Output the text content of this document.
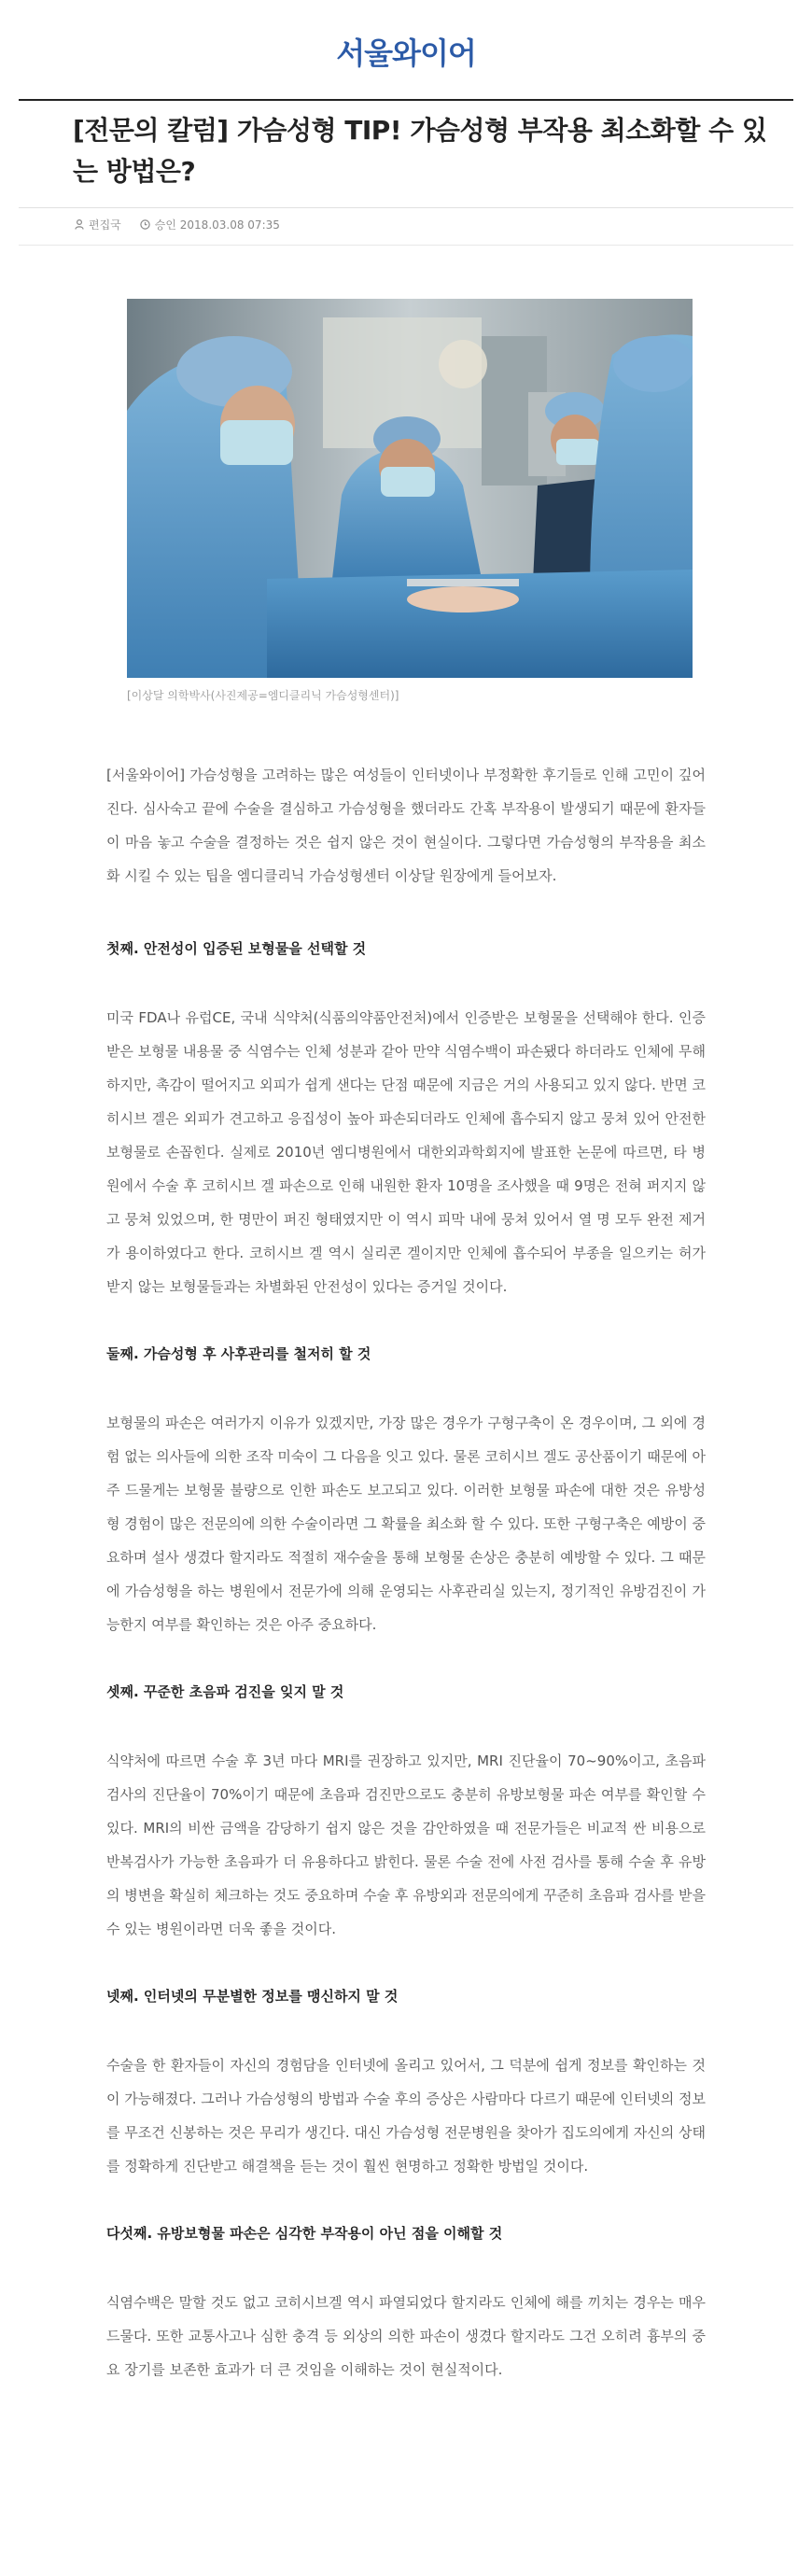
서울와이어
[전문의 칼럼] 가슴성형 TIP! 가슴성형 부작용 최소화할 수 있는 방법은?
편집국	승인 2018.03.08 07:35
[이상달 의학박사(사진제공=엠디클리닉 가슴성형센터)]

[서울와이어] 가슴성형을 고려하는 많은 여성들이 인터넷이나 부정확한 후기들로 인해 고민이 깊어진다. 심사숙고 끝에 수술을 결심하고 가슴성형을 했더라도 간혹 부작용이 발생되기 때문에 환자들이 마음 놓고 수술을 결정하는 것은 쉽지 않은 것이 현실이다. 그렇다면 가슴성형의 부작용을 최소화 시킬 수 있는 팁을 엠디클리닉 가슴성형센터 이상달 원장에게 들어보자.

첫째. 안전성이 입증된 보형물을 선택할 것

미국 FDA나 유럽CE, 국내 식약처(식품의약품안전처)에서 인증받은 보형물을 선택해야 한다. 인증받은 보형물 내용물 중 식염수는 인체 성분과 같아 만약 식염수백이 파손됐다 하더라도 인체에 무해하지만, 촉감이 떨어지고 외피가 쉽게 샌다는 단점 때문에 지금은 거의 사용되고 있지 않다. 반면 코히시브 겔은 외피가 견고하고 응집성이 높아 파손되더라도 인체에 흡수되지 않고 뭉쳐 있어 안전한 보형물로 손꼽힌다. 실제로 2010년 엠디병원에서 대한외과학회지에 발표한 논문에 따르면, 타 병원에서 수술 후 코히시브 겔 파손으로 인해 내원한 환자 10명을 조사했을 때 9명은 전혀 퍼지지 않고 뭉쳐 있었으며, 한 명만이 퍼진 형태였지만 이 역시 피막 내에 뭉쳐 있어서 열 명 모두 완전 제거가 용이하였다고 한다. 코히시브 겔 역시 실리콘 겔이지만 인체에 흡수되어 부종을 일으키는 허가 받지 않는 보형물들과는 차별화된 안전성이 있다는 증거일 것이다.

둘째. 가슴성형 후 사후관리를 철저히 할 것

보형물의 파손은 여러가지 이유가 있겠지만, 가장 많은 경우가 구형구축이 온 경우이며, 그 외에 경험 없는 의사들에 의한 조작 미숙이 그 다음을 잇고 있다. 물론 코히시브 겔도 공산품이기 때문에 아주 드물게는 보형물 불량으로 인한 파손도 보고되고 있다. 이러한 보형물 파손에 대한 것은 유방성형 경험이 많은 전문의에 의한 수술이라면 그 확률을 최소화 할 수 있다. 또한 구형구축은 예방이 중요하며 설사 생겼다 할지라도 적절히 재수술을 통해 보형물 손상은 충분히 예방할 수 있다. 그 때문에 가슴성형을 하는 병원에서 전문가에 의해 운영되는 사후관리실 있는지, 정기적인 유방검진이 가능한지 여부를 확인하는 것은 아주 중요하다.

셋째. 꾸준한 초음파 검진을 잊지 말 것

식약처에 따르면 수술 후 3년 마다 MRI를 권장하고 있지만, MRI 진단율이 70~90%이고, 초음파 검사의 진단율이 70%이기 때문에 초음파 검진만으로도 충분히 유방보형물 파손 여부를 확인할 수 있다. MRI의 비싼 금액을 감당하기 쉽지 않은 것을 감안하였을 때 전문가들은 비교적 싼 비용으로 반복검사가 가능한 초음파가 더 유용하다고 밝힌다. 물론 수술 전에 사전 검사를 통해 수술 후 유방의 병변을 확실히 체크하는 것도 중요하며 수술 후 유방외과 전문의에게 꾸준히 초음파 검사를 받을 수 있는 병원이라면 더욱 좋을 것이다.

넷째. 인터넷의 무분별한 정보를 맹신하지 말 것

수술을 한 환자들이 자신의 경험담을 인터넷에 올리고 있어서, 그 덕분에 쉽게 정보를 확인하는 것이 가능해졌다. 그러나 가슴성형의 방법과 수술 후의 증상은 사람마다 다르기 때문에 인터넷의 정보를 무조건 신봉하는 것은 무리가 생긴다. 대신 가슴성형 전문병원을 찾아가 집도의에게 자신의 상태를 정확하게 진단받고 해결책을 듣는 것이 훨씬 현명하고 정확한 방법일 것이다.

다섯째. 유방보형물 파손은 심각한 부작용이 아닌 점을 이해할 것

식염수백은 말할 것도 없고 코히시브겔 역시 파열되었다 할지라도 인체에 해를 끼치는 경우는 매우 드물다. 또한 교통사고나 심한 충격 등 외상의 의한 파손이 생겼다 할지라도 그건 오히려 흉부의 중요 장기를 보존한 효과가 더 큰 것임을 이해하는 것이 현실적이다.
